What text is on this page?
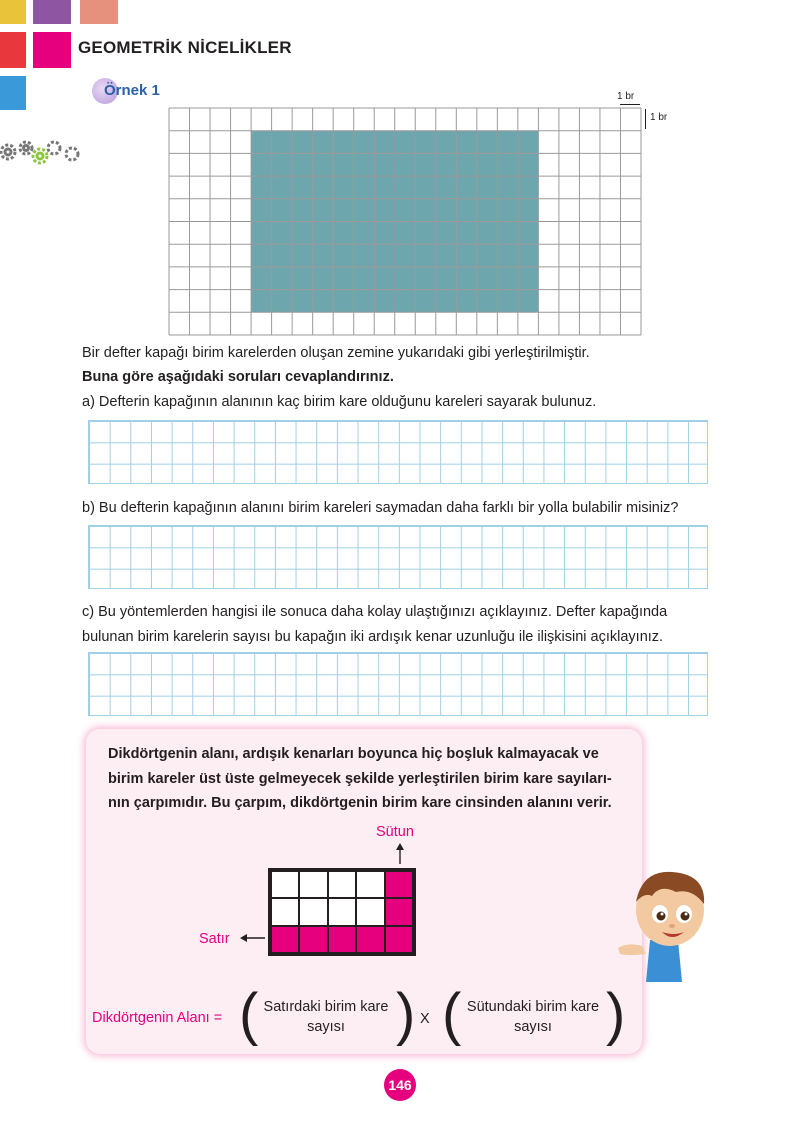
GEOMETRİK NİCELİKLER
Örnek 1	1 br
1 br
Bir defter kapağı birim karelerden oluşan zemine yukarıdaki gibi yerleştirilmiştir.
Buna göre aşağıdaki soruları cevaplandırınız.
a) Defterin kapağının alanının kaç birim kare olduğunu kareleri sayarak bulunuz.
b) Bu defterin kapağının alanını birim kareleri saymadan daha farklı bir yolla bulabilir misiniz?
c) Bu yöntemlerden hangisi ile sonuca daha kolay ulaştığınızı açıklayınız. Defter kapağında
bulunan birim karelerin sayısı bu kapağın iki ardışık kenar uzunluğu ile ilişkisini açıklayınız.
Dikdörtgenin alanı, ardışık kenarları boyunca hiç boşluk kalmayacak ve
birim kareler üst üste gelmeyecek şekilde yerleştirilen birim kare sayıları-
nın çarpımıdır. Bu çarpım, dikdörtgenin birim kare cinsinden alanını verir.
Sütun
Satır
Dikdörtgenin Alanı = ( Satırdaki birim kare
sayısı ) X ( Sütundaki birim kare
sayısı )
146
